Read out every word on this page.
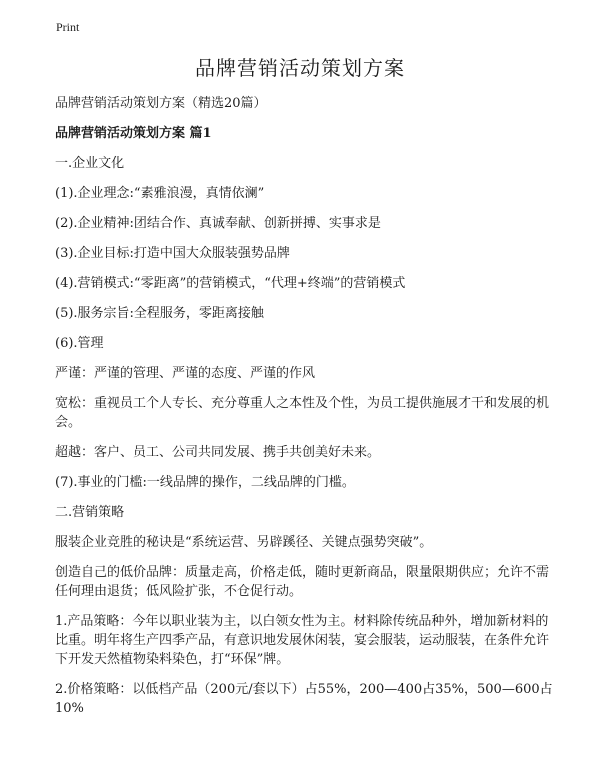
Print
品牌营销活动策划方案

品牌营销活动策划方案（精选20篇）

品牌营销活动策划方案 篇1

一.企业文化

(1).企业理念:“素雅浪漫，真情依澜”

(2).企业精神:团结合作、真诚奉献、创新拼搏、实事求是

(3).企业目标:打造中国大众服装强势品牌

(4).营销模式:“零距离”的营销模式，“代理+终端”的营销模式

(5).服务宗旨:全程服务，零距离接触

(6).管理

严谨：严谨的管理、严谨的态度、严谨的作风

宽松：重视员工个人专长、充分尊重人之本性及个性，为员工提供施展才干和发展的机会。

超越：客户、员工、公司共同发展、携手共创美好未来。

(7).事业的门槛:一线品牌的操作，二线品牌的门槛。

二.营销策略

服装企业竞胜的秘诀是“系统运营、另辟蹊径、关键点强势突破”。

创造自己的低价品牌：质量走高，价格走低，随时更新商品，限量限期供应；允许不需任何理由退货；低风险扩张，不仓促行动。

1.产品策略：今年以职业装为主，以白领女性为主。材料除传统品种外，增加新材料的比重。明年将生产四季产品，有意识地发展休闲装，宴会服装，运动服装，在条件允许下开发天然植物染料染色，打“环保”牌。

2.价格策略：以低档产品（200元/套以下）占55%，200—400占35%，500—600占10%
